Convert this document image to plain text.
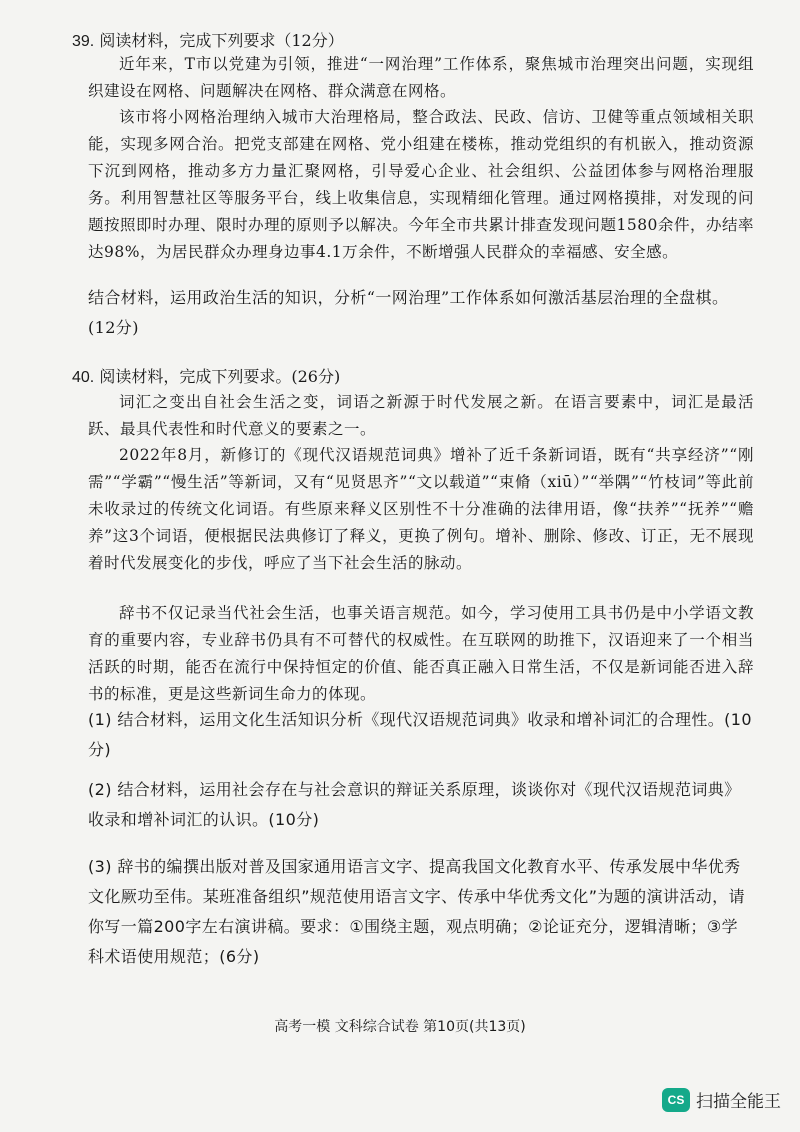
39. 阅读材料，完成下列要求（12分）

近年来，T市以党建为引领，推进“一网治理”工作体系，聚焦城市治理突出问题，实现组织建设在网格、问题解决在网格、群众满意在网格。

该市将小网格治理纳入城市大治理格局，整合政法、民政、信访、卫健等重点领域相关职能，实现多网合治。把党支部建在网格、党小组建在楼栋，推动党组织的有机嵌入，推动资源下沉到网格，推动多方力量汇聚网格，引导爱心企业、社会组织、公益团体参与网格治理服务。利用智慧社区等服务平台，线上收集信息，实现精细化管理。通过网格摸排，对发现的问题按照即时办理、限时办理的原则予以解决。今年全市共累计排查发现问题1580余件，办结率达98%，为居民群众办理身边事4.1万余件，不断增强人民群众的幸福感、安全感。

结合材料，运用政治生活的知识，分析“一网治理”工作体系如何激活基层治理的全盘棋。(12分)

40. 阅读材料，完成下列要求。(26分)

词汇之变出自社会生活之变，词语之新源于时代发展之新。在语言要素中，词汇是最活跃、最具代表性和时代意义的要素之一。

2022年8月，新修订的《现代汉语规范词典》增补了近千条新词语，既有“共享经济”“刚需”“学霸”“慢生活”等新词，又有“见贤思齐”“文以载道”“束脩（xiū）”“举隅”“竹枝词”等此前未收录过的传统文化词语。有些原来释义区别性不十分准确的法律用语，像“扶养”“抚养”“赡养”这3个词语，便根据民法典修订了释义，更换了例句。增补、删除、修改、订正，无不展现着时代发展变化的步伐，呼应了当下社会生活的脉动。

辞书不仅记录当代社会生活，也事关语言规范。如今，学习使用工具书仍是中小学语文教育的重要内容，专业辞书仍具有不可替代的权威性。在互联网的助推下，汉语迎来了一个相当活跃的时期，能否在流行中保持恒定的价值、能否真正融入日常生活，不仅是新词能否进入辞书的标准，更是这些新词生命力的体现。

(1) 结合材料，运用文化生活知识分析《现代汉语规范词典》收录和增补词汇的合理性。(10分)

(2) 结合材料，运用社会存在与社会意识的辩证关系原理，谈谈你对《现代汉语规范词典》收录和增补词汇的认识。(10分)

(3) 辞书的编撰出版对普及国家通用语言文字、提高我国文化教育水平、传承发展中华优秀文化厥功至伟。某班准备组织”规范使用语言文字、传承中华优秀文化”为题的演讲活动，请你写一篇200字左右演讲稿。要求：①围绕主题，观点明确；②论证充分，逻辑清晰；③学科术语使用规范；(6分)

高考一模 文科综合试卷 第10页(共13页)
CS 扫描全能王
